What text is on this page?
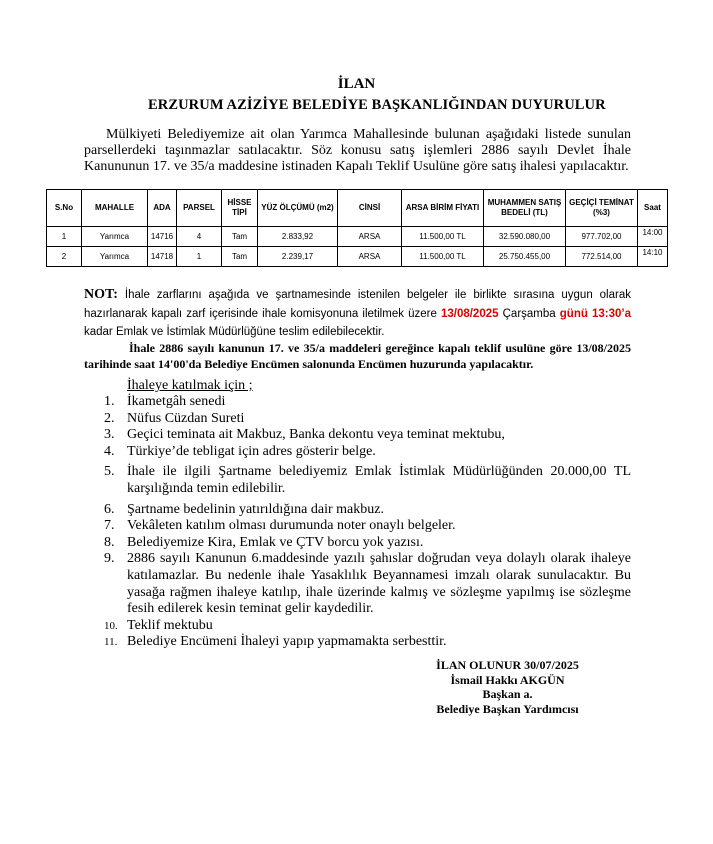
İLAN
ERZURUM AZİZİYE BELEDİYE BAŞKANLIĞINDAN DUYURULUR
Mülkiyeti Belediyemize ait olan Yarımca Mahallesinde bulunan aşağıdaki listede sunulan parsellerdeki taşınmazlar satılacaktır. Söz konusu satış işlemleri 2886 sayılı Devlet İhale Kanununun 17. ve 35/a maddesine istinaden Kapalı Teklif Usulüne göre satış ihalesi yapılacaktır.
S.No	MAHALLE	ADA	PARSEL	HİSSE TİPİ	YÜZ ÖLÇÜMÜ (m2)	CİNSİ	ARSA BİRİM FİYATI	MUHAMMEN SATIŞ BEDELİ (TL)	GEÇİÇİ TEMİNAT (%3)	Saat
1	Yarımca	14716	4	Tam	2.833,92	ARSA	11.500,00 TL	32.590.080,00	977.702,00	14:00
2	Yarımca	14718	1	Tam	2.239,17	ARSA	11.500,00 TL	25.750.455,00	772.514,00	14:10
NOT: İhale zarflarını aşağıda ve şartnamesinde istenilen belgeler ile birlikte sırasına uygun olarak hazırlanarak kapalı zarf içerisinde ihale komisyonuna iletilmek üzere 13/08/2025 Çarşamba günü 13:30’a kadar Emlak ve İstimlak Müdürlüğüne teslim edilebilecektir.
İhale 2886 sayılı kanunun 17. ve 35/a maddeleri gereğince kapalı teklif usulüne göre 13/08/2025 tarihinde saat 14'00'da Belediye Encümen salonunda Encümen huzurunda yapılacaktır.
İhaleye katılmak için ;
1. İkametgâh senedi
2. Nüfus Cüzdan Sureti
3. Geçici teminata ait Makbuz, Banka dekontu veya teminat mektubu,
4. Türkiye’de tebligat için adres gösterir belge.
5. İhale ile ilgili Şartname belediyemiz Emlak İstimlak Müdürlüğünden 20.000,00 TL karşılığında temin edilebilir.
6. Şartname bedelinin yatırıldığına dair makbuz.
7. Vekâleten katılım olması durumunda noter onaylı belgeler.
8. Belediyemize Kira, Emlak ve ÇTV borcu yok yazısı.
9. 2886 sayılı Kanunun 6.maddesinde yazılı şahıslar doğrudan veya dolaylı olarak ihaleye katılamazlar. Bu nedenle ihale Yasaklılık Beyannamesi imzalı olarak sunulacaktır. Bu yasağa rağmen ihaleye katılıp, ihale üzerinde kalmış ve sözleşme yapılmış ise sözleşme fesih edilerek kesin teminat gelir kaydedilir.
10. Teklif mektubu
11. Belediye Encümeni İhaleyi yapıp yapmamakta serbesttir.
İLAN OLUNUR 30/07/2025
İsmail Hakkı AKGÜN
Başkan a.
Belediye Başkan Yardımcısı
